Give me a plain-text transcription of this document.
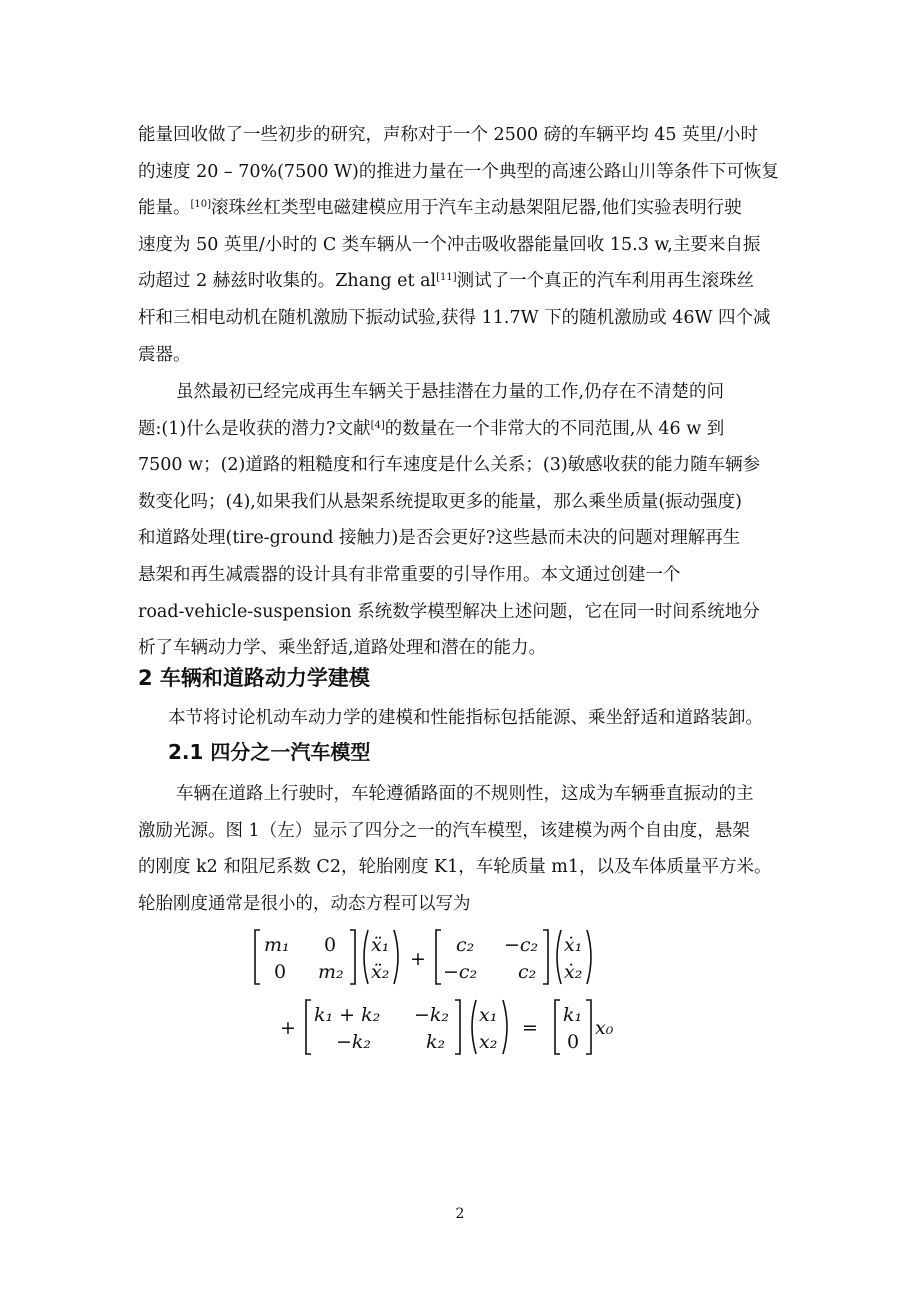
能量回收做了一些初步的研究，声称对于一个 2500 磅的车辆平均 45 英里/小时
的速度 20 – 70%(7500 W)的推进力量在一个典型的高速公路山川等条件下可恢复
能量。[10]滚珠丝杠类型电磁建模应用于汽车主动悬架阻尼器,他们实验表明行驶
速度为 50 英里/小时的 C 类车辆从一个冲击吸收器能量回收 15.3 w,主要来自振
动超过 2 赫兹时收集的。Zhang et al[11]测试了一个真正的汽车利用再生滚珠丝
杆和三相电动机在随机激励下振动试验,获得 11.7W 下的随机激励或 46W 四个减
震器。
虽然最初已经完成再生车辆关于悬挂潜在力量的工作,仍存在不清楚的问
题:(1)什么是收获的潜力?文献[4]的数量在一个非常大的不同范围,从 46 w 到
7500 w；(2)道路的粗糙度和行车速度是什么关系；(3)敏感收获的能力随车辆参
数变化吗；(4),如果我们从悬架系统提取更多的能量，那么乘坐质量(振动强度)
和道路处理(tire-ground 接触力)是否会更好?这些悬而未决的问题对理解再生
悬架和再生减震器的设计具有非常重要的引导作用。本文通过创建一个
road-vehicle-suspension 系统数学模型解决上述问题，它在同一时间系统地分
析了车辆动力学、乘坐舒适,道路处理和潜在的能力。
2 车辆和道路动力学建模
本节将讨论机动车动力学的建模和性能指标包括能源、乘坐舒适和道路装卸。
2.1 四分之一汽车模型
车辆在道路上行驶时，车轮遵循路面的不规则性，这成为车辆垂直振动的主
激励光源。图 1（左）显示了四分之一的汽车模型，该建模为两个自由度，悬架
的刚度 k2 和阻尼系数 C2，轮胎刚度 K1，车轮质量 m1，以及车体质量平方米。
轮胎刚度通常是很小的，动态方程可以写为
m₁ 0
0 m₂
ẍ₁
ẍ₂
+
c₂ −c₂
−c₂ c₂
ẋ₁
ẋ₂
+
k₁ + k₂ −k₂
−k₂	k₂
x₁
x₂
=
k₁
0
x₀
2
